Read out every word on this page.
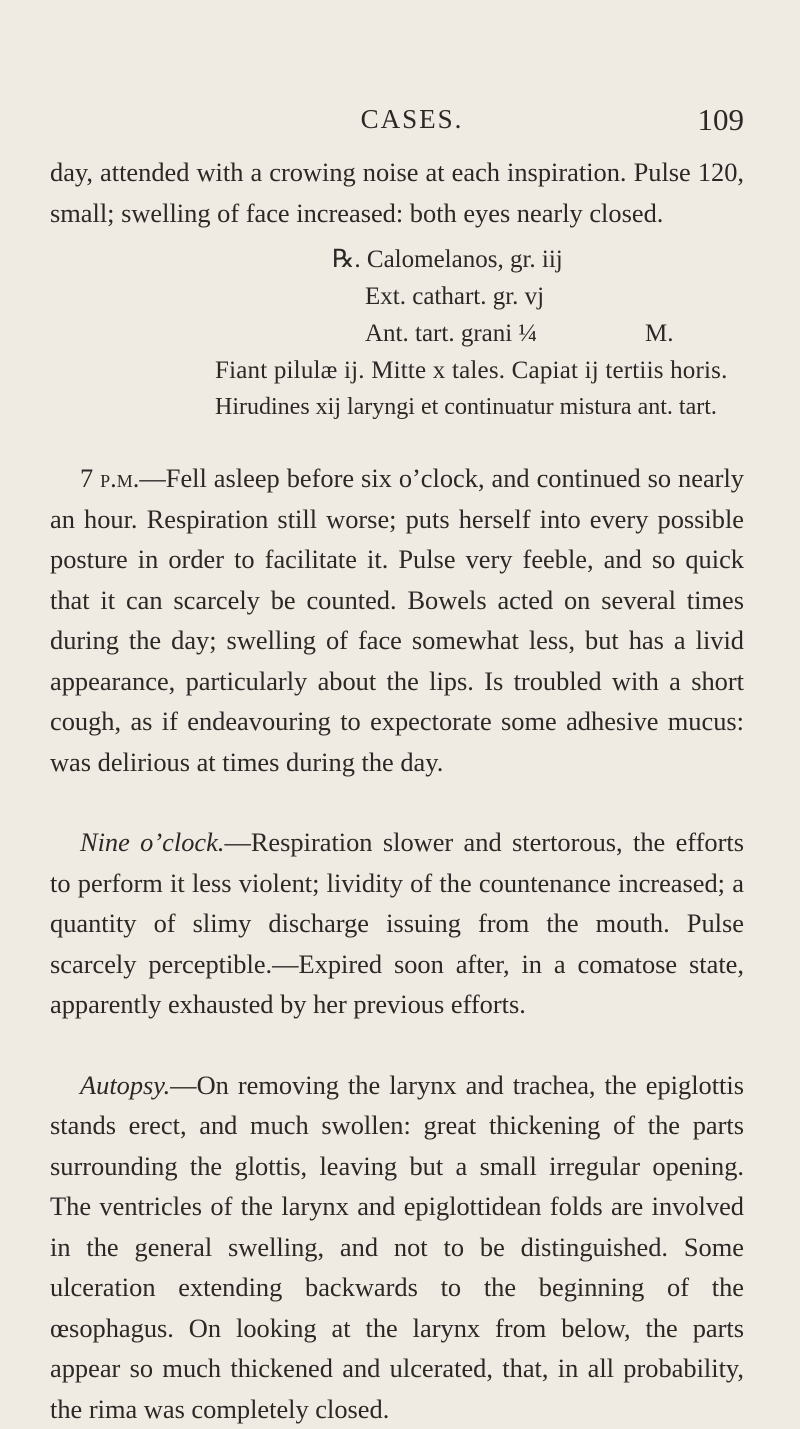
CASES.	109

day, attended with a crowing noise at each inspiration. Pulse 120, small; swelling of face increased: both eyes nearly closed.

℞. Calomelanos, gr. iij
Ext. cathart. gr. vj
Ant. tart. grani ¼	M.
Fiant pilulæ ij. Mitte x tales. Capiat ij tertiis horis.
Hirudines xij laryngi et continuatur mistura ant. tart.

7 p.m.—Fell asleep before six o’clock, and continued so nearly an hour. Respiration still worse; puts herself into every possible posture in order to facilitate it. Pulse very feeble, and so quick that it can scarcely be counted. Bowels acted on several times during the day; swelling of face somewhat less, but has a livid appearance, particularly about the lips. Is troubled with a short cough, as if endeavouring to expectorate some adhesive mucus: was delirious at times during the day.

Nine o’clock.—Respiration slower and stertorous, the efforts to perform it less violent; lividity of the countenance increased; a quantity of slimy discharge issuing from the mouth. Pulse scarcely perceptible.—Expired soon after, in a comatose state, apparently exhausted by her previous efforts.

Autopsy.—On removing the larynx and trachea, the epiglottis stands erect, and much swollen: great thickening of the parts surrounding the glottis, leaving but a small irregular opening. The ventricles of the larynx and epiglottidean folds are involved in the general swelling, and not to be distinguished. Some ulceration extending backwards to the beginning of the œsophagus. On looking at the larynx from below, the parts appear so much thickened and ulcerated, that, in all probability, the rima was completely closed.
